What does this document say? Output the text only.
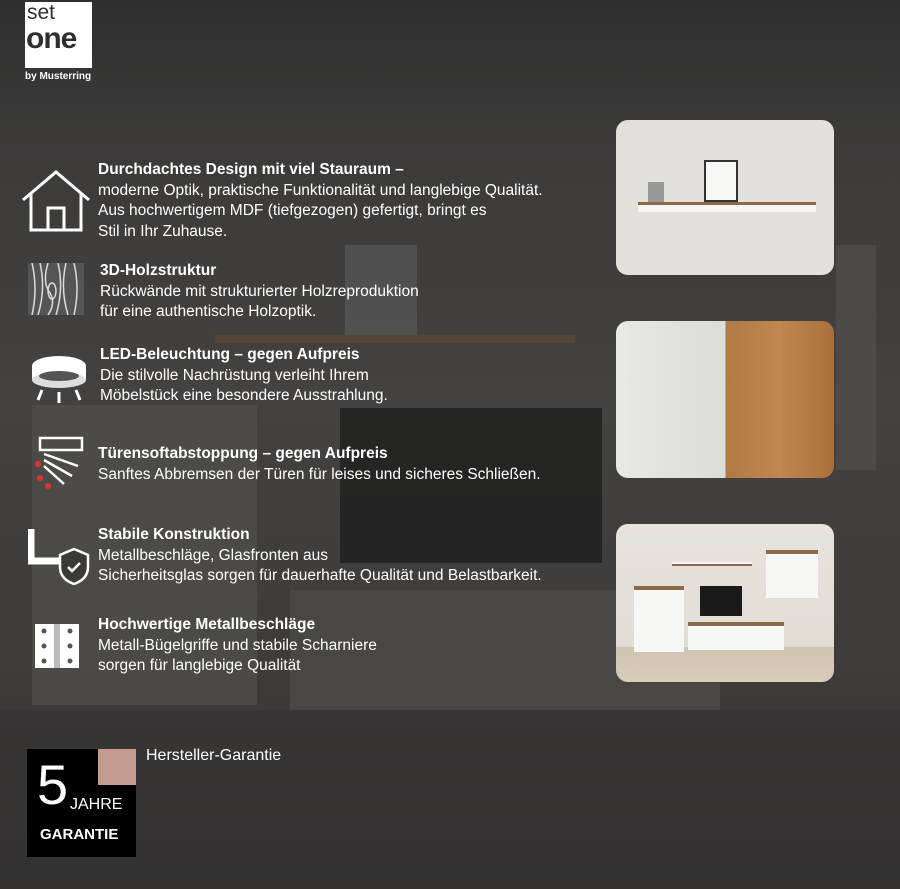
set
one
by Musterring
Durchdachtes Design mit viel Stauraum –
moderne Optik, praktische Funktionalität und langlebige Qualität.
Aus hochwertigem MDF (tiefgezogen) gefertigt, bringt es
Stil in Ihr Zuhause.
3D-Holzstruktur
Rückwände mit strukturierter Holzreproduktion
für eine authentische Holzoptik.
LED-Beleuchtung – gegen Aufpreis
Die stilvolle Nachrüstung verleiht Ihrem
Möbelstück eine besondere Ausstrahlung.
Türensoftabstoppung – gegen Aufpreis
Sanftes Abbremsen der Türen für leises und sicheres Schließen.
Stabile Konstruktion
Metallbeschläge, Glasfronten aus
Sicherheitsglas sorgen für dauerhafte Qualität und Belastbarkeit.
Hochwertige Metallbeschläge
Metall-Bügelgriffe und stabile Scharniere
sorgen für langlebige Qualität
5 JAHRE
GARANTIE
Hersteller-Garantie
